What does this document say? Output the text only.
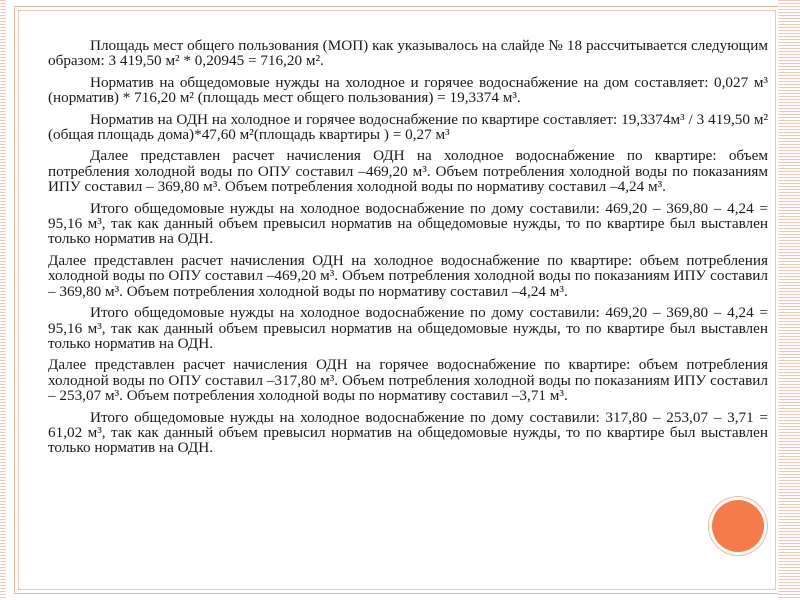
Площадь мест общего пользования (МОП) как указывалось на слайде № 18 рассчитывается следующим образом: 3 419,50 м² * 0,20945 = 716,20 м².

Норматив на общедомовые нужды на холодное и горячее водоснабжение на дом составляет: 0,027 м³ (норматив) * 716,20 м² (площадь мест общего пользования) = 19,3374 м³.

Норматив на ОДН на холодное и горячее водоснабжение по квартире составляет: 19,3374м³ / 3 419,50 м² (общая площадь дома)*47,60 м²(площадь квартиры ) = 0,27 м³

Далее представлен расчет начисления ОДН на холодное водоснабжение по квартире: объем потребления холодной воды по ОПУ составил –469,20 м³. Объем потребления холодной воды по показаниям ИПУ составил – 369,80 м³. Объем потребления холодной воды по нормативу составил –4,24 м³.

Итого общедомовые нужды на холодное водоснабжение по дому составили: 469,20 – 369,80 – 4,24 = 95,16 м³, так как данный объем превысил норматив на общедомовые нужды, то по квартире был выставлен только норматив на ОДН.

Далее представлен расчет начисления ОДН на холодное водоснабжение по квартире: объем потребления холодной воды по ОПУ составил –469,20 м³. Объем потребления холодной воды по показаниям ИПУ составил – 369,80 м³. Объем потребления холодной воды по нормативу составил –4,24 м³.

Итого общедомовые нужды на холодное водоснабжение по дому составили: 469,20 – 369,80 – 4,24 = 95,16 м³, так как данный объем превысил норматив на общедомовые нужды, то по квартире был выставлен только норматив на ОДН.

Далее представлен расчет начисления ОДН на горячее водоснабжение по квартире: объем потребления холодной воды по ОПУ составил –317,80 м³. Объем потребления холодной воды по показаниям ИПУ составил – 253,07 м³. Объем потребления холодной воды по нормативу составил –3,71 м³.

Итого общедомовые нужды на холодное водоснабжение по дому составили: 317,80 – 253,07 – 3,71 = 61,02 м³, так как данный объем превысил норматив на общедомовые нужды, то по квартире был выставлен только норматив на ОДН.
